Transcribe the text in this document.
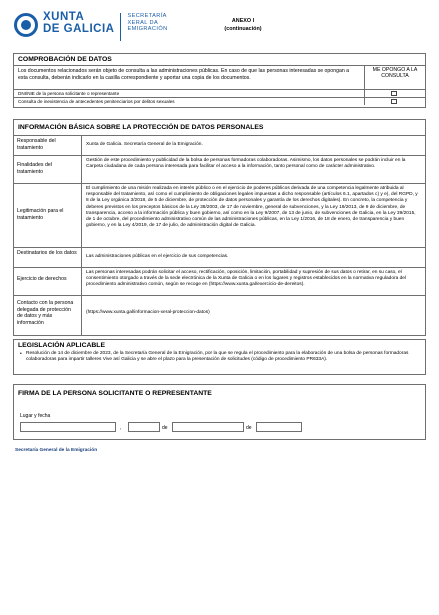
XUNTA
DE GALICIA
SECRETARÍA
XERAL DA
EMIGRACIÓN
ANEXO I
(continuación)
COMPROBACIÓN DE DATOS
Los documentos relacionados serán objeto de consulta a las administraciones públicas. En caso de que las personas interesadas se opongan a esta consulta, deberán indicarlo en la casilla correspondiente y aportar una copia de los documentos.
ME OPONGO A LA CONSULTA
DNI/NIE de la persona solicitante o representante
Consulta de inexistencia de antecedentes penitenciarios por delitos sexuales
INFORMACIÓN BÁSICA SOBRE LA PROTECCIÓN DE DATOS PERSONALES
Responsable del tratamiento
Xunta de Galicia. Secretaría General de la Emigración.
Finalidades del tratamiento
Gestión de este procedimiento y publicidad de la bolsa de personas formadoras colaboradoras. Asimismo, los datos personales se podrán incluir en la Carpeta ciudadana de cada persona interesada para facilitar el acceso a la información, tanto personal como de carácter administrativo.
Legitimación para el tratamiento
El cumplimiento de una misión realizada en interés público o en el ejercicio de poderes públicos derivada de una competencia legalmente atribuida al responsable del tratamiento, así como el cumplimiento de obligaciones legales impuestas a dicho responsable (artículos 6.1, apartados c) y e), del RGPD, y 8 de la Ley orgánica 3/2018, de 5 de diciembre, de protección de datos personales y garantía de los derechos digitales). En concreto, la competencia y deberes previstos en los preceptos básicos de la Ley 38/2003, de 17 de noviembre, general de subvenciones, y la Ley 19/2013, de 9 de diciembre, de transparencia, acceso a la información pública y buen gobierno, así como en la Ley 9/2007, de 13 de junio, de subvenciones de Galicia, en la Ley 39/2015, de 1 de octubre, del procedimiento administrativo común de las administraciones públicas, en la Ley 1/2016, de 18 de enero, de transparencia y buen gobierno, y en la Ley 4/2019, de 17 de julio, de administración digital de Galicia.
Destinatarios de los datos
Las administraciones públicas en el ejercicio de sus competencias.
Ejercicio de derechos
Las personas interesadas podrán solicitar el acceso, rectificación, oposición, limitación, portabilidad y supresión de sus datos o retirar, en su caso, el consentimiento otorgado a través de la sede electrónica de la Xunta de Galicia o en los lugares y registros establecidos en la normativa reguladora del procedimiento administrativo común, según se recoge en (https://www.xunta.gal/exercicio-de-dereitos).
Contacto con la persona delegada de protección de datos y más información
(https://www.xunta.gal/informacion-xeral-proteccion-datos)
LEGISLACIÓN APLICABLE
• Resolución de 14 de diciembre de 2023, de la Secretaría General de la Emigración, por la que se regula el procedimiento para la elaboración de una bolsa de personas formadoras colaboradoras para impartir talleres Vive así Galicia y se abre el plazo para la presentación de solicitudes (código de procedimiento PR633A).
FIRMA DE LA PERSONA SOLICITANTE O REPRESENTANTE
Lugar y fecha
,	de	de
Secretaría General de la Emigración
